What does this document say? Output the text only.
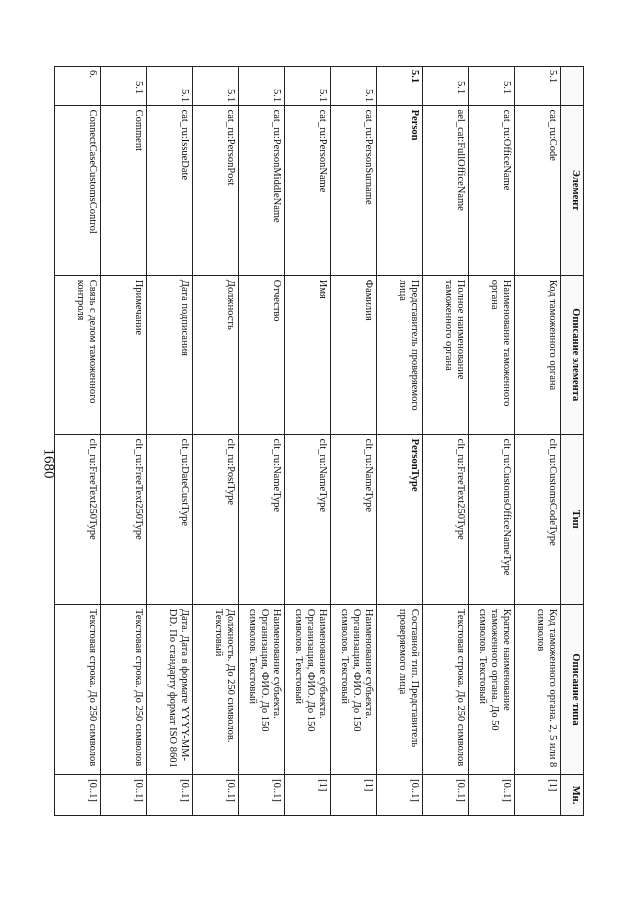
1680
	Элемент	Описание элемента	Тип	Описание типа	Мн.
5.1	cat_ru:Code	Код таможенного органа	clt_ru:CustomsCodeType	Код таможенного органа. 2, 5 или 8 символов	[1]
5.1	cat_ru:OfficeName	Наименование таможенного органа	clt_ru:CustomsOfficeNameType	Краткое наименование таможенного органа. До 50 символов. Текстовый	[0..1]
5.1	ael_cat:FullOfficeName	Полное наименование таможенного органа	clt_ru:FreeText250Type	Текстовая строка. До 250 символов	[0..1]
5.1	Person	Представитель проверяемого лица	PersonType	Составной тип. Представитель проверяемого лица	[0..1]
5.1	cat_ru:PersonSurname	Фамилия	clt_ru:NameType	Наименование субъекта. Организация, ФИО. До 150 символов. Текстовый	[1]
5.1	cat_ru:PersonName	Имя	clt_ru:NameType	Наименование субъекта. Организация, ФИО. До 150 символов. Текстовый	[1]
5.1	cat_ru:PersonMiddleName	Отчество	clt_ru:NameType	Наименование субъекта. Организация, ФИО. До 150 символов. Текстовый	[0..1]
5.1	cat_ru:PersonPost	Должность	clt_ru:PostType	Должность. До 250 символов. Текстовый	[0..1]
5.1	cat_ru:IssueDate	Дата подписания	clt_ru:DateCustType	Дата. Дата в формате YYYY-MM-DD. По стандарту формат ISO 8601	[0..1]
5.1	Comment	Примечание	clt_ru:FreeText250Type	Текстовая строка. До 250 символов	[0..1]
6.	ConnectCaseCustomsControl	Связь с делом таможенного контроля	clt_ru:FreeText250Type	Текстовая строка. До 250 символов	[0..1]
